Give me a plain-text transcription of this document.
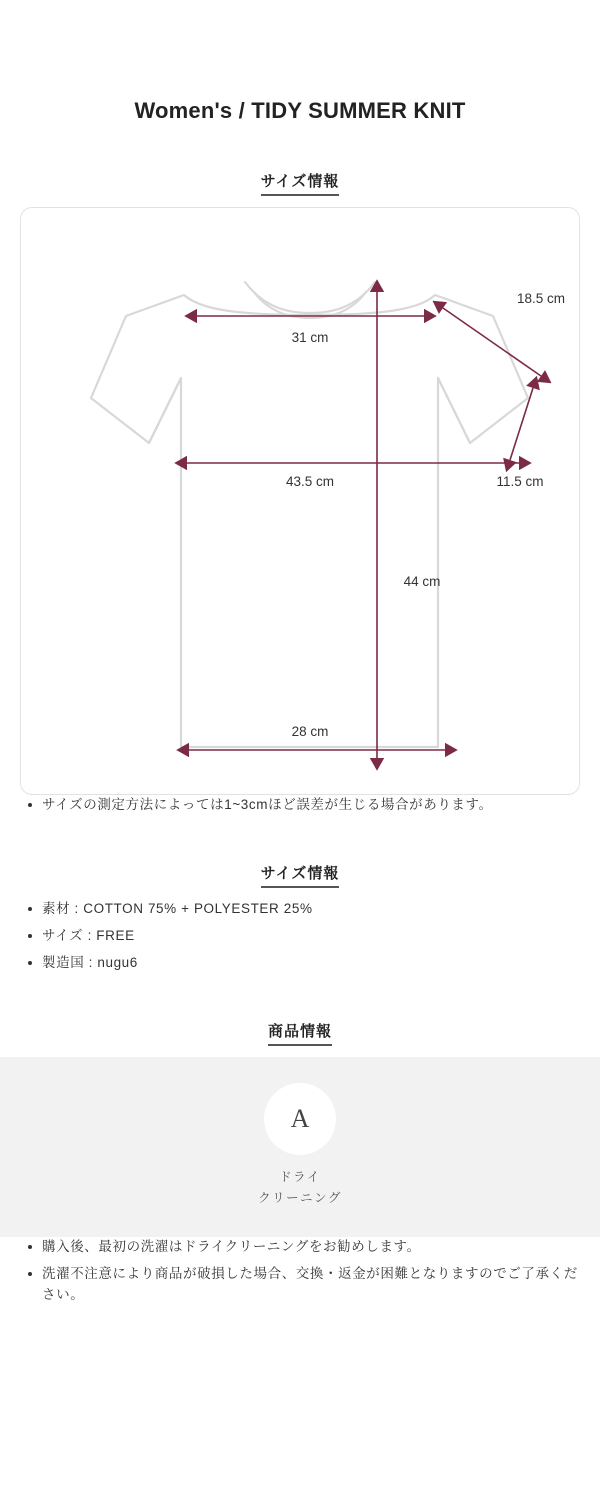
Women's / TIDY SUMMER KNIT
サイズ情報
31 cm
18.5 cm
43.5 cm	11.5 cm
44 cm
28 cm
サイズの測定方法によっては1~3cmほど誤差が生じる場合があります。
サイズ情報
素材 : COTTON 75% + POLYESTER 25%
サイズ : FREE
製造国 : nugu6
商品情報
A
ドライ
クリーニング
購入後、最初の洗濯はドライクリーニングをお勧めします。
洗濯不注意により商品が破損した場合、交換・返金が困難となりますのでご了承ください。
